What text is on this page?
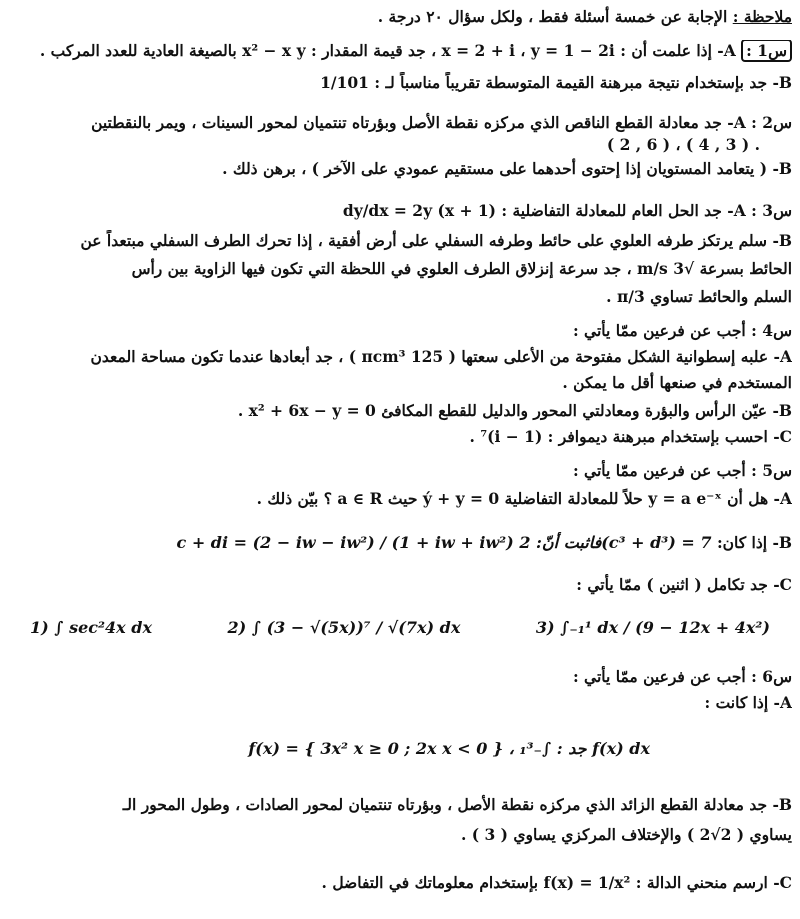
ملاحظة : الإجابة عن خمسة أسئلة فقط ، ولكل سؤال ٢٠ درجة .
س1 : A- إذا علمت أن : x = 2 + i ، y = 1 − 2i ، جد قيمة المقدار : x² − x y بالصيغة العادية للعدد المركب .
B- جد بإستخدام نتيجة مبرهنة القيمة المتوسطة تقريباً مناسباً لـ : 1/101
س2 : A- جد معادلة القطع الناقص الذي مركزه نقطة الأصل وبؤرتاه تنتميان لمحور السينات ، ويمر بالنقطتين
. ( 3 , 4 ) ، ( 6 , 2 )
B- ( يتعامد المستويان إذا إحتوى أحدهما على مستقيم عمودي على الآخر ) ، برهن ذلك .
س3 : A- جد الحل العام للمعادلة التفاضلية : (x + 1) dy/dx = 2y
B- سلم يرتكز طرفه العلوي على حائط وطرفه السفلي على أرض أفقية ، إذا تحرك الطرف السفلي مبتعداً عن
الحائط بسرعة √3 m/s ، جد سرعة إنزلاق الطرف العلوي في اللحظة التي تكون فيها الزاوية بين رأس
السلم والحائط تساوي π/3 .
س4 : أجب عن فرعين ممّا يأتي :
A- علبه إسطوانية الشكل مفتوحة من الأعلى سعتها ( 125 πcm³ ) ، جد أبعادها عندما تكون مساحة المعدن
المستخدم في صنعها أقل ما يمكن .
B- عيّن الرأس والبؤرة ومعادلتي المحور والدليل للقطع المكافئ x² + 6x − y = 0 .
C- احسب بإستخدام مبرهنة ديموافر : (1 − i)⁷ .
س5 : أجب عن فرعين ممّا يأتي :
A- هل أن y = a e⁻ˣ حلاً للمعادلة التفاضلية ý + y = 0 حيث a ∈ R ؟ بيّن ذلك .
B- إذا كان: c + di = (2 − iw − iw²) / (1 + iw + iw²) فاثبت أنّ: 2(c³ + d³) = 7
C- جد تكامل ( اثنين ) ممّا يأتي :
1) ∫ sec²4x dx	2) ∫ (3 − √(5x))⁷ / √(7x) dx	3) ∫₋₁¹ dx / (9 − 12x + 4x²)
س6 : أجب عن فرعين ممّا يأتي :
A- إذا كانت :
f(x) = { 3x² x ≥ 0 ; 2x x < 0 } ، جد : ∫₋₁³ f(x) dx
B- جد معادلة القطع الزائد الذي مركزه نقطة الأصل ، وبؤرتاه تنتميان لمحور الصادات ، وطول المحور الـ
يساوي ( 2√2 ) والإختلاف المركزي يساوي ( 3 ) .
C- ارسم منحني الدالة : f(x) = 1/x² بإستخدام معلوماتك في التفاضل .
